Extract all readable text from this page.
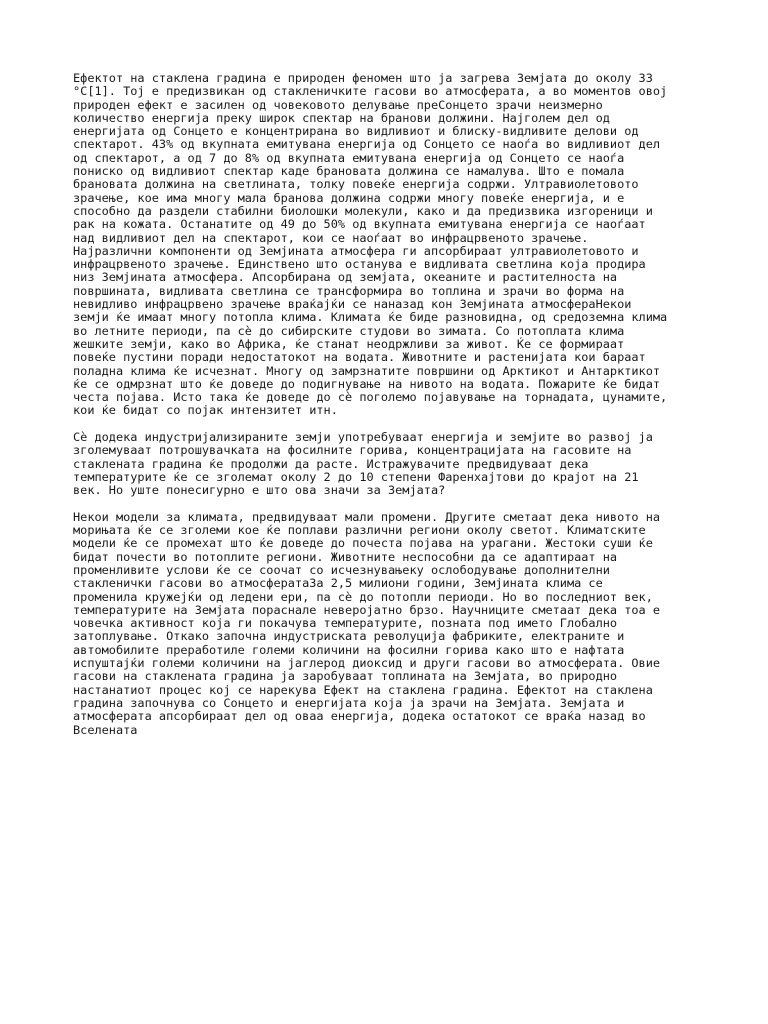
Ефектот на стаклена градина е природен феномен што ја загрева Земјата до околу 33
°C[1]. Тој е предизвикан од стакленичките гасови во атмосферата, а во моментов овој
природен ефект е засилен од човековото делување преСонцето зрачи неизмерно
количество енергија преку широк спектар на бранови должини. Најголем дел од
енергијата од Сонцето е концентрирана во видливиот и блиску-видливите делови од
спектарот. 43% од вкупната емитувана енергија од Сонцето се наоѓа во видливиот дел
од спектарот, а од 7 до 8% од вкупната емитувана енергија од Сонцето се наоѓа
пониско од видливиот спектар каде брановата должина се намалува. Што е помала
брановата должина на светлината, толку повеќе енергија содржи. Ултравиолетовото
зрачење, кое има многу мала бранова должина содржи многу повеќе енергија, и е
способно да раздели стабилни биолошки молекули, како и да предизвика изгореници и
рак на кожата. Останатите од 49 до 50% од вкупната емитувана енергија се наоѓаат
над видливиот дел на спектарот, кои се наоѓаат во инфрацрвеното зрачење.
Најразлични компоненти од Земјината атмосфера ги апсорбираат ултравиолетовото и
инфрацрвеното зрачење. Единствено што останува е видливата светлина која продира
низ Земјината атмосфера. Апсорбирана од земјата, океаните и растителноста на
површината, видливата светлина се трансформира во топлина и зрачи во форма на
невидливо инфрацрвено зрачење враќајќи се наназад кон Земјината атмосфераНекои
земји ќе имаат многу потопла клима. Климата ќе биде разновидна, од средоземна клима
во летните периоди, па сѐ до сибирските студови во зимата. Со потоплата клима
жешките земји, како во Африка, ќе станат неодржливи за живот. Ќе се формираат
повеќе пустини поради недостатокот на водата. Животните и растенијата кои бараат
поладна клима ќе исчезнат. Многу од замрзнатите површини од Арктикот и Антарктикот
ќе се одмрзнат што ќе доведе до подигнување на нивото на водата. Пожарите ќе бидат
честа појава. Исто така ќе доведе до сѐ поголемо појавување на торнадата, цунамите,
кои ќе бидат со појак интензитет итн.
Сѐ додека индустријализираните земји употребуваат енергија и земјите во развој ја
зголемуваат потрошувачката на фосилните горива, концентрацијата на гасовите на
стаклената градина ќе продолжи да расте. Истражувачите предвидуваат дека
температурите ќе се зголемат околу 2 до 10 степени Фаренхајтови до крајот на 21
век. Но уште понесигурно е што ова значи за Земјата?
Некои модели за климата, предвидуваат мали промени. Другите сметаат дека нивото на
морињата ќе се зголеми кое ќе поплави различни региони околу светот. Климатските
модели ќе се промехат што ќе доведе до почеста појава на урагани. Жестоки суши ќе
бидат почести во потоплите региони. Животните неспособни да се адаптираат на
променливите услови ќе се соочат со исчезнувањеку ослободување дополнителни
стакленички гасови во атмосфератаЗа 2,5 милиони години, Земјината клима се
променила кружејќи од ледени ери, па сѐ до потопли периоди. Но во последниот век,
температурите на Земјата пораснале неверојатно брзо. Научниците сметаат дека тоа е
човечка активност која ги покачува температурите, позната под името Глобално
затоплување. Откако започна индустриската револуција фабриките, електраните и
автомобилите преработиле големи количини на фосилни горива како што е нафтата
испуштајќи големи количини на јаглерод диоксид и други гасови во атмосферата. Овие
гасови на стаклената градина ја заробуваат топлината на Земјата, во природно
настанатиот процес кој се нарекува Ефект на стаклена градина. Ефектот на стаклена
градина започнува со Сонцето и енергијата која ја зрачи на Земјата. Земјата и
атмосферата апсорбираат дел од оваа енергија, додека остатокот се враќа назад во
Вселената
